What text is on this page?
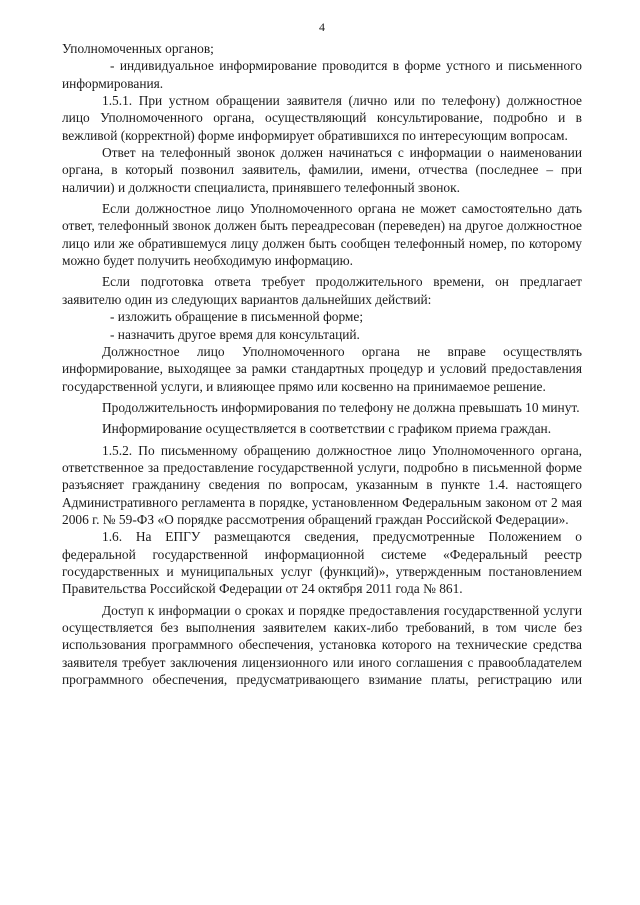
4

Уполномоченных органов;

- индивидуальное информирование проводится в форме устного и письменного информирования.

1.5.1. При устном обращении заявителя (лично или по телефону) должностное лицо Уполномоченного органа, осуществляющий консультирование, подробно и в вежливой (корректной) форме информирует обратившихся по интересующим вопросам.

Ответ на телефонный звонок должен начинаться с информации о наименовании органа, в который позвонил заявитель, фамилии, имени, отчества (последнее – при наличии) и должности специалиста, принявшего телефонный звонок.

Если должностное лицо Уполномоченного органа не может самостоятельно дать ответ, телефонный звонок должен быть переадресован (переведен) на другое должностное лицо или же обратившемуся лицу должен быть сообщен телефонный номер, по которому можно будет получить необходимую информацию.

Если подготовка ответа требует продолжительного времени, он предлагает заявителю один из следующих вариантов дальнейших действий:

- изложить обращение в письменной форме;

- назначить другое время для консультаций.

Должностное лицо Уполномоченного органа не вправе осуществлять информирование, выходящее за рамки стандартных процедур и условий предоставления государственной услуги, и влияющее прямо или косвенно на принимаемое решение.

Продолжительность информирования по телефону не должна превышать 10 минут.

Информирование осуществляется в соответствии с графиком приема граждан.

1.5.2. По письменному обращению должностное лицо Уполномоченного органа, ответственное за предоставление государственной услуги, подробно в письменной форме разъясняет гражданину сведения по вопросам, указанным в пункте 1.4. настоящего Административного регламента в порядке, установленном Федеральным законом от 2 мая 2006 г. № 59-ФЗ «О порядке рассмотрения обращений граждан Российской Федерации».

1.6. На ЕПГУ размещаются сведения, предусмотренные Положением о федеральной государственной информационной системе «Федеральный реестр государственных и муниципальных услуг (функций)», утвержденным постановлением Правительства Российской Федерации от 24 октября 2011 года № 861.

Доступ к информации о сроках и порядке предоставления государственной услуги осуществляется без выполнения заявителем каких-либо требований, в том числе без использования программного обеспечения, установка которого на технические средства заявителя требует заключения лицензионного или иного соглашения с правообладателем программного обеспечения, предусматривающего взимание платы, регистрацию или
